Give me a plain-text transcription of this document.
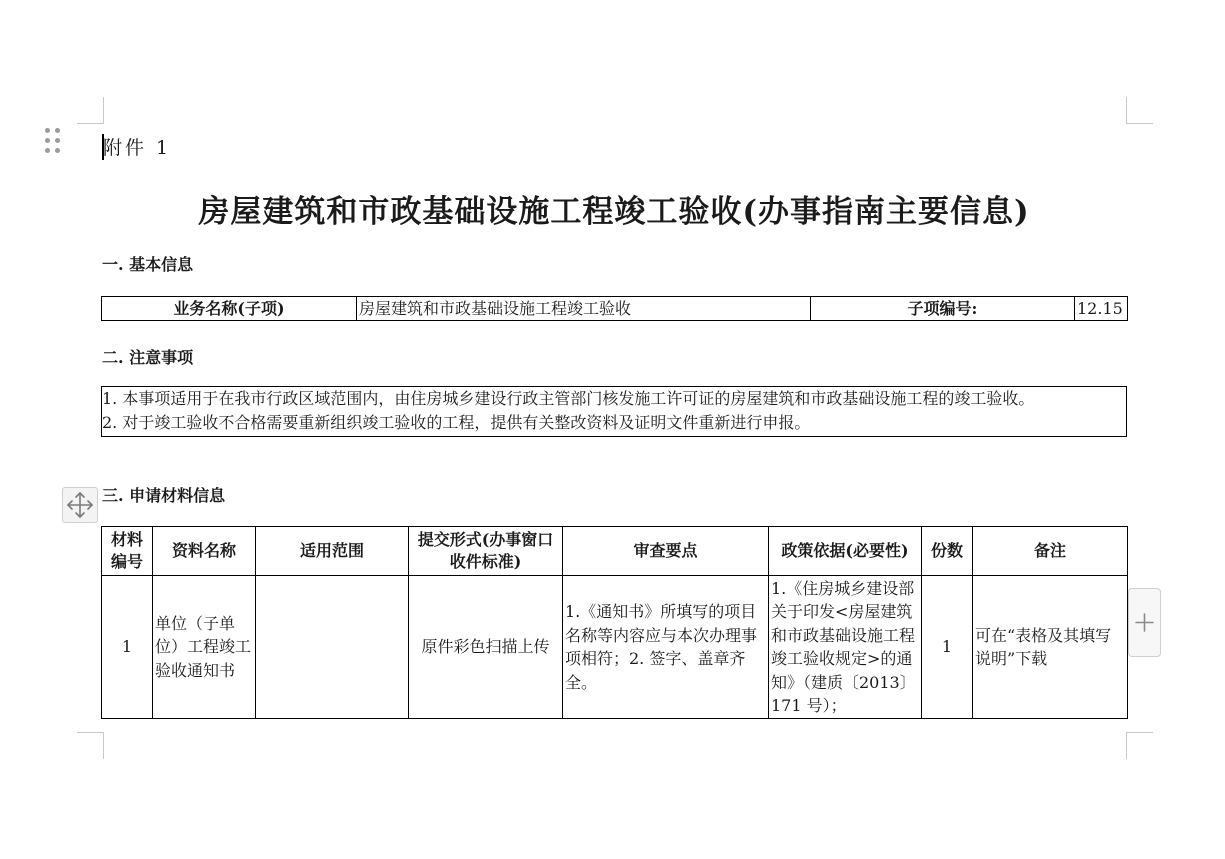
附件 1
房屋建筑和市政基础设施工程竣工验收(办事指南主要信息)
一. 基本信息
业务名称(子项)	房屋建筑和市政基础设施工程竣工验收	子项编号:	12.15
二. 注意事项
1. 本事项适用于在我市行政区域范围内，由住房城乡建设行政主管部门核发施工许可证的房屋建筑和市政基础设施工程的竣工验收。
2. 对于竣工验收不合格需要重新组织竣工验收的工程，提供有关整改资料及证明文件重新进行申报。
三. 申请材料信息
材料编号	资料名称	适用范围	提交形式(办事窗口收件标准)	审查要点	政策依据(必要性)	份数	备注
1	单位（子单位）工程竣工验收通知书		原件彩色扫描上传	1.《通知书》所填写的项目名称等内容应与本次办理事项相符；2. 签字、盖章齐全。	1.《住房城乡建设部关于印发<房屋建筑和市政基础设施工程竣工验收规定>的通知》（建质〔2013〕171 号）；	1	可在“表格及其填写说明”下载
